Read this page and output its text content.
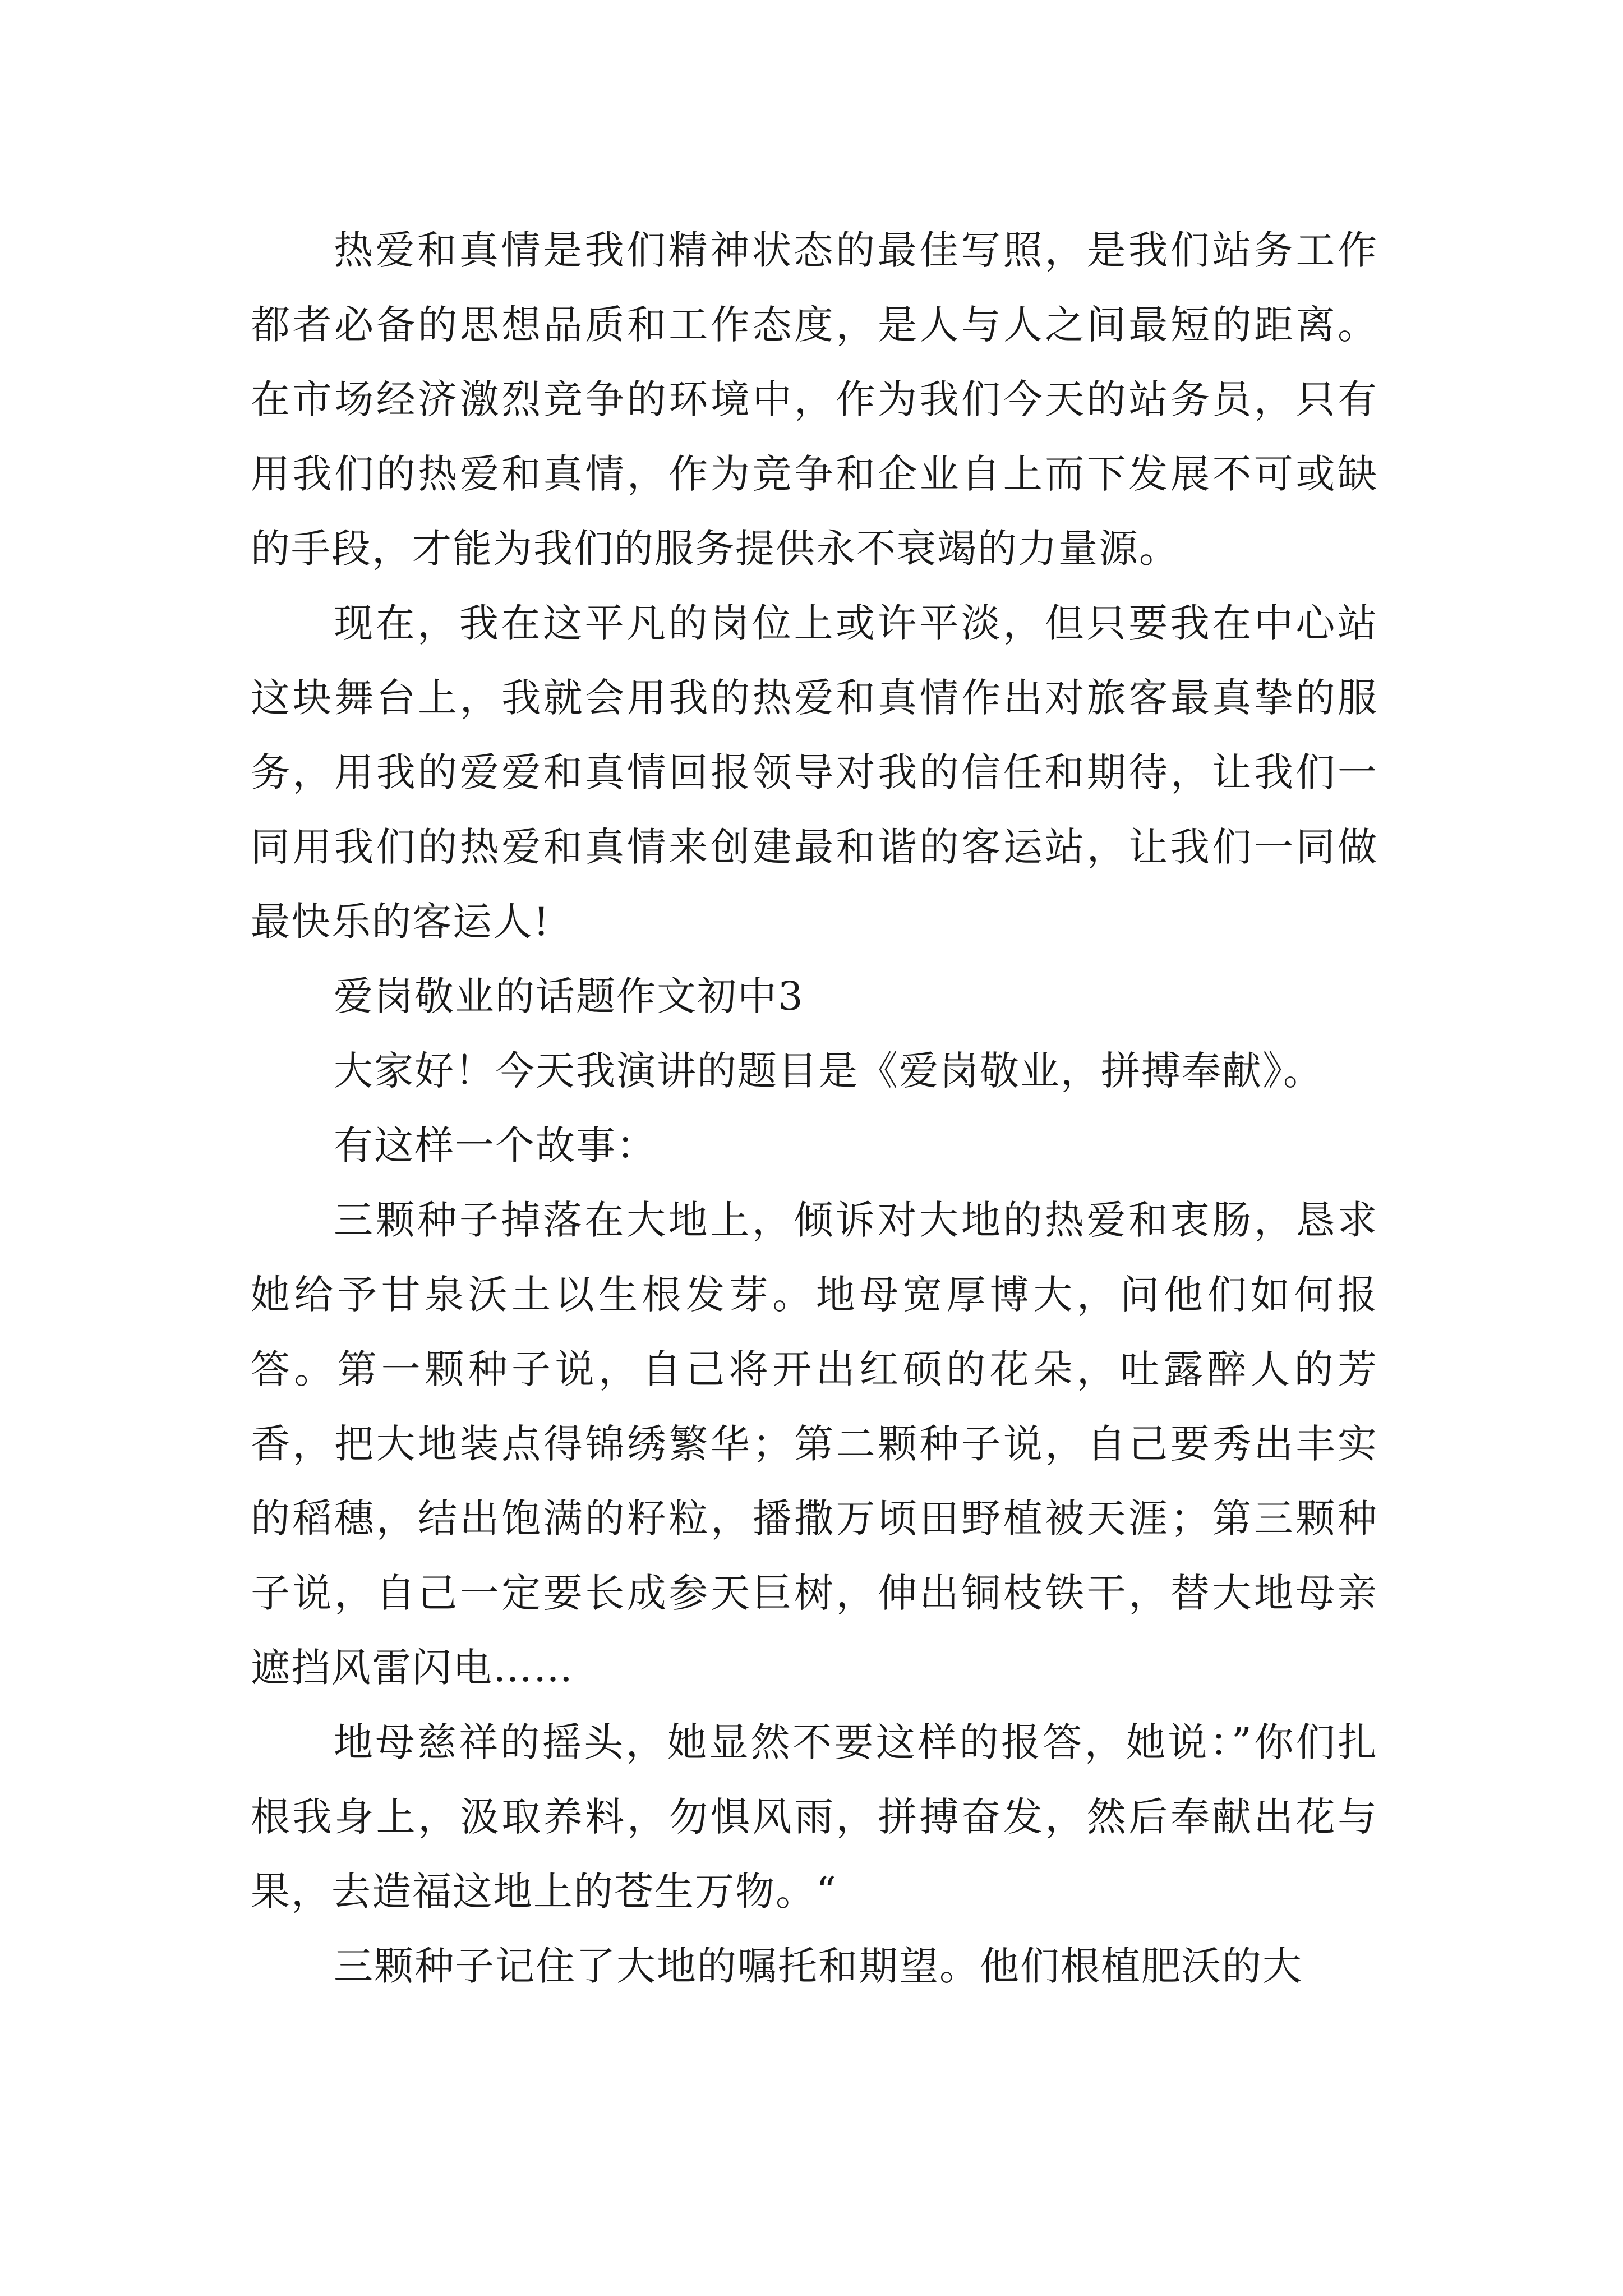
热爱和真情是我们精神状态的最佳写照，是我们站务工作都者必备的思想品质和工作态度，是人与人之间最短的距离。在市场经济激烈竞争的环境中，作为我们今天的站务员，只有用我们的热爱和真情，作为竞争和企业自上而下发展不可或缺的手段，才能为我们的服务提供永不衰竭的力量源。

现在，我在这平凡的岗位上或许平淡，但只要我在中心站这块舞台上，我就会用我的热爱和真情作出对旅客最真挚的服务，用我的爱爱和真情回报领导对我的信任和期待，让我们一同用我们的热爱和真情来创建最和谐的客运站，让我们一同做最快乐的客运人!

爱岗敬业的话题作文初中3

大家好！今天我演讲的题目是《爱岗敬业，拼搏奉献》。

有这样一个故事：

三颗种子掉落在大地上，倾诉对大地的热爱和衷肠，恳求她给予甘泉沃土以生根发芽。地母宽厚博大，问他们如何报答。第一颗种子说，自己将开出红硕的花朵，吐露醉人的芳香，把大地装点得锦绣繁华；第二颗种子说，自己要秀出丰实的稻穗，结出饱满的籽粒，播撒万顷田野植被天涯；第三颗种子说，自己一定要长成参天巨树，伸出铜枝铁干，替大地母亲遮挡风雷闪电……

地母慈祥的摇头，她显然不要这样的报答，她说：”你们扎根我身上，汲取养料，勿惧风雨，拼搏奋发，然后奉献出花与果，去造福这地上的苍生万物。“

三颗种子记住了大地的嘱托和期望。他们根植肥沃的大
